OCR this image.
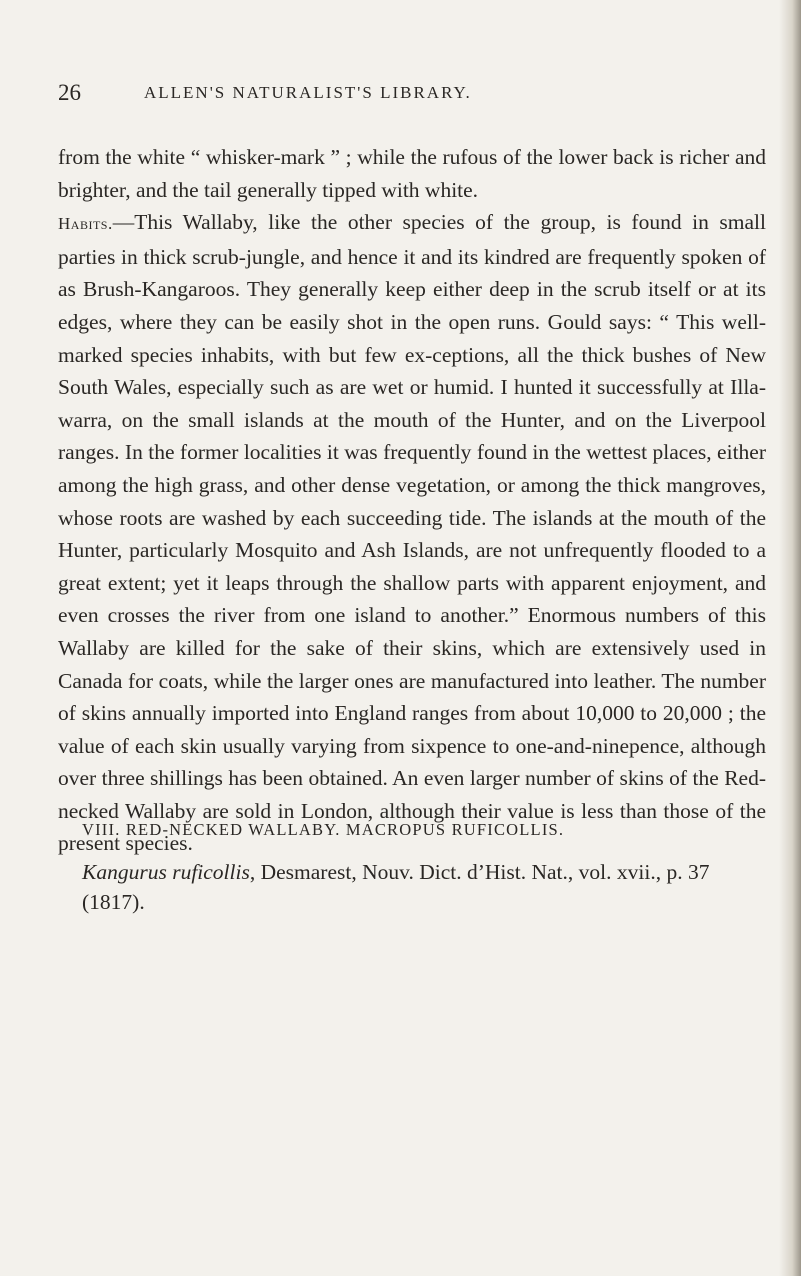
26	ALLEN'S NATURALIST'S LIBRARY.

from the white “ whisker-mark ” ; while the rufous of the lower back is richer and brighter, and the tail generally tipped with white.

Habits.—This Wallaby, like the other species of the group, is found in small parties in thick scrub-jungle, and hence it and its kindred are frequently spoken of as Brush-Kangaroos. They generally keep either deep in the scrub itself or at its edges, where they can be easily shot in the open runs. Gould says: “ This well-marked species inhabits, with but few ex-ceptions, all the thick bushes of New South Wales, especially such as are wet or humid. I hunted it successfully at Illa-warra, on the small islands at the mouth of the Hunter, and on the Liverpool ranges. In the former localities it was frequently found in the wettest places, either among the high grass, and other dense vegetation, or among the thick mangroves, whose roots are washed by each succeeding tide. The islands at the mouth of the Hunter, particularly Mosquito and Ash Islands, are not unfrequently flooded to a great extent; yet it leaps through the shallow parts with apparent enjoyment, and even crosses the river from one island to another.” Enormous numbers of this Wallaby are killed for the sake of their skins, which are extensively used in Canada for coats, while the larger ones are manufactured into leather. The number of skins annually imported into England ranges from about 10,000 to 20,000 ; the value of each skin usually varying from sixpence to one-and-ninepence, although over three shillings has been obtained. An even larger number of skins of the Red-necked Wallaby are sold in London, although their value is less than those of the present species.

VIII. RED-NECKED WALLABY. MACROPUS RUFICOLLIS.
Kangurus ruficollis, Desmarest, Nouv. Dict. d’Hist. Nat., vol. xvii., p. 37 (1817).
